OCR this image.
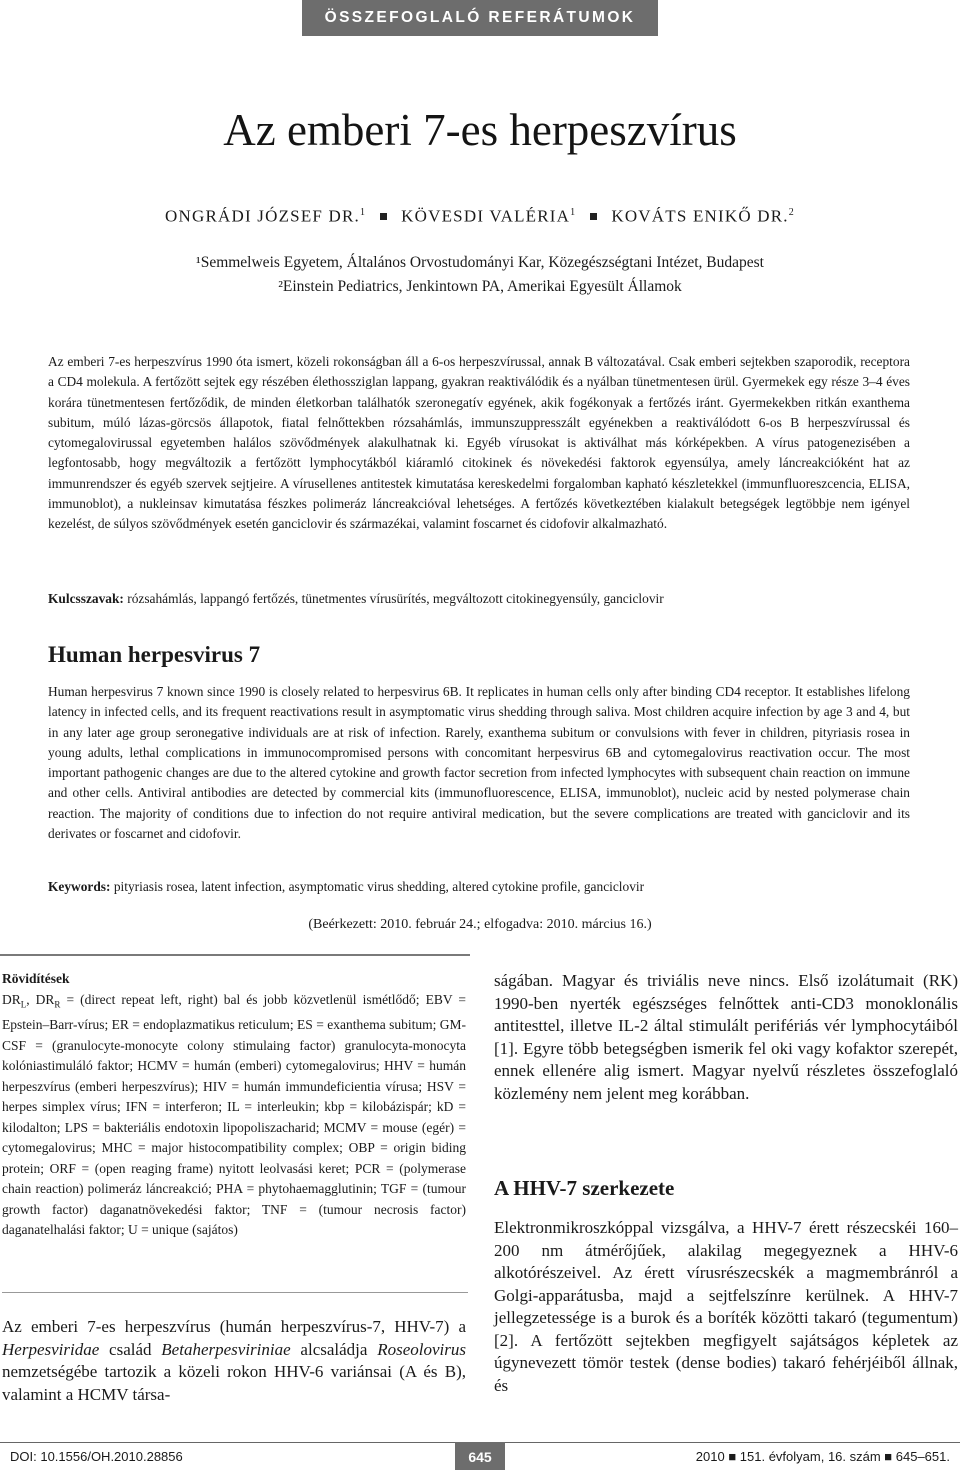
ÖSSZEFOGLALÓ REFERÁTUMOK
Az emberi 7-es herpeszvírus
ONGRÁDI JÓZSEF DR.$^1$ KÖVESDI VALÉRIA$^1$ KOVÁTS ENIKŐ DR.$^2$
¹Semmelweis Egyetem, Általános Orvostudományi Kar, Közegészségtani Intézet, Budapest
²Einstein Pediatrics, Jenkintown PA, Amerikai Egyesült Államok

Az emberi 7-es herpeszvírus 1990 óta ismert, közeli rokonságban áll a 6-os herpeszvírussal, annak B változatával. Csak emberi sejtekben szaporodik, receptora a CD4 molekula. A fertőzött sejtek egy részében élethossziglan lappang, gyakran reaktiválódik és a nyálban tünetmentesen ürül. Gyermekek egy része 3–4 éves korára tünetmentesen fertőződik, de minden életkorban találhatók szeronegatív egyének, akik fogékonyak a fertőzés iránt. Gyermekekben ritkán exanthema subitum, múló lázas-görcsös állapotok, fiatal felnőttekben rózsahámlás, immunszuppresszált egyénekben a reaktiválódott 6-os B herpeszvírussal és cytomegalovirussal egyetemben halálos szövődmények alakulhatnak ki. Egyéb vírusokat is aktiválhat más kórképekben. A vírus patogenezisében a legfontosabb, hogy megváltozik a fertőzött lymphocytákból kiáramló citokinek és növekedési faktorok egyensúlya, amely láncreakcióként hat az immunrendszer és egyéb szervek sejtjeire. A vírusellenes antitestek kimutatása kereskedelmi forgalomban kapható készletekkel (immunfluoreszcencia, ELISA, immunoblot), a nukleinsav kimutatása fészkes polimeráz láncreakcióval lehetséges. A fertőzés következtében kialakult betegségek legtöbbje nem igényel kezelést, de súlyos szövődmények esetén ganciclovir és származékai, valamint foscarnet és cidofovir alkalmazható.

Kulcsszavak: rózsahámlás, lappangó fertőzés, tünetmentes vírusürítés, megváltozott citokinegyensúly, ganciclovir
Human herpesvirus 7

Human herpesvirus 7 known since 1990 is closely related to herpesvirus 6B. It replicates in human cells only after binding CD4 receptor. It establishes lifelong latency in infected cells, and its frequent reactivations result in asymptomatic virus shedding through saliva. Most children acquire infection by age 3 and 4, but in any later age group seronegative individuals are at risk of infection. Rarely, exanthema subitum or convulsions with fever in children, pityriasis rosea in young adults, lethal complications in immunocompromised persons with concomitant herpesvirus 6B and cytomegalovirus reactivation occur. The most important pathogenic changes are due to the altered cytokine and growth factor secretion from infected lymphocytes with subsequent chain reaction on immune and other cells. Antiviral antibodies are detected by commercial kits (immunofluorescence, ELISA, immunoblot), nucleic acid by nested polymerase chain reaction. The majority of conditions due to infection do not require antiviral medication, but the severe complications are treated with ganciclovir and its derivates or foscarnet and cidofovir.

Keywords: pityriasis rosea, latent infection, asymptomatic virus shedding, altered cytokine profile, ganciclovir
(Beérkezett: 2010. február 24.; elfogadva: 2010. március 16.)
Rövidítések

$DR_L$, $DR_R$ = (direct repeat left, right) bal és jobb közvetlenül ismétlődő; EBV = Epstein–Barr-vírus; ER = endoplazmatikus reticulum; ES = exanthema subitum; GM-CSF = (granulocyte-monocyte colony stimulaing factor) granulocyta-monocyta kolóniastimuláló faktor; HCMV = humán (emberi) cytomegalovirus; HHV = humán herpeszvírus (emberi herpeszvírus); HIV = humán immundeficientia vírusa; HSV = herpes simplex vírus; IFN = interferon; IL = interleukin; kbp = kilobázispár; kD = kilodalton; LPS = bakteriális endotoxin lipopoliszacharid; MCMV = mouse (egér) = cytomegalovirus; MHC = major histocompatibility complex; OBP = origin biding protein; ORF = (open reaging frame) nyitott leolvasási keret; PCR = (polymerase chain reaction) polimeráz láncreakció; PHA = phytohaemagglutinin; TGF = (tumour growth factor) daganatnövekedési faktor; TNF = (tumour necrosis factor) daganatelhalási faktor; U = unique (sajátos)

Az emberi 7-es herpeszvírus (humán herpeszvírus-7, HHV-7) a Herpesviridae család Betaherpesviriniae alcsaládja Roseolovirus nemzetségébe tartozik a közeli rokon HHV-6 variánsai (A és B), valamint a HCMV társa-

ságában. Magyar és triviális neve nincs. Első izolátumait (RK) 1990-ben nyerték egészséges felnőttek anti-CD3 monoklonális antitesttel, illetve IL-2 által stimulált perifériás vér lymphocytáiból [1]. Egyre több betegségben ismerik fel oki vagy kofaktor szerepét, ennek ellenére alig ismert. Magyar nyelvű részletes összefoglaló közlemény nem jelent meg korábban.

A HHV-7 szerkezete

Elektronmikroszkóppal vizsgálva, a HHV-7 érett részecskéi 160–200 nm átmérőjűek, alakilag megegyeznek a HHV-6 alkotórészeivel. Az érett vírusrészecskék a magmembránról a Golgi-apparátusba, majd a sejtfelszínre kerülnek. A HHV-7 jellegzetessége is a burok és a boríték közötti takaró (tegumentum) [2]. A fertőzött sejtekben megfigyelt sajátságos képletek az úgynevezett tömör testek (dense bodies) takaró fehérjéiből állnak, és

DOI: 10.1556/OH.2010.28856	645	2010 ■ 151. évfolyam, 16. szám ■ 645–651.
